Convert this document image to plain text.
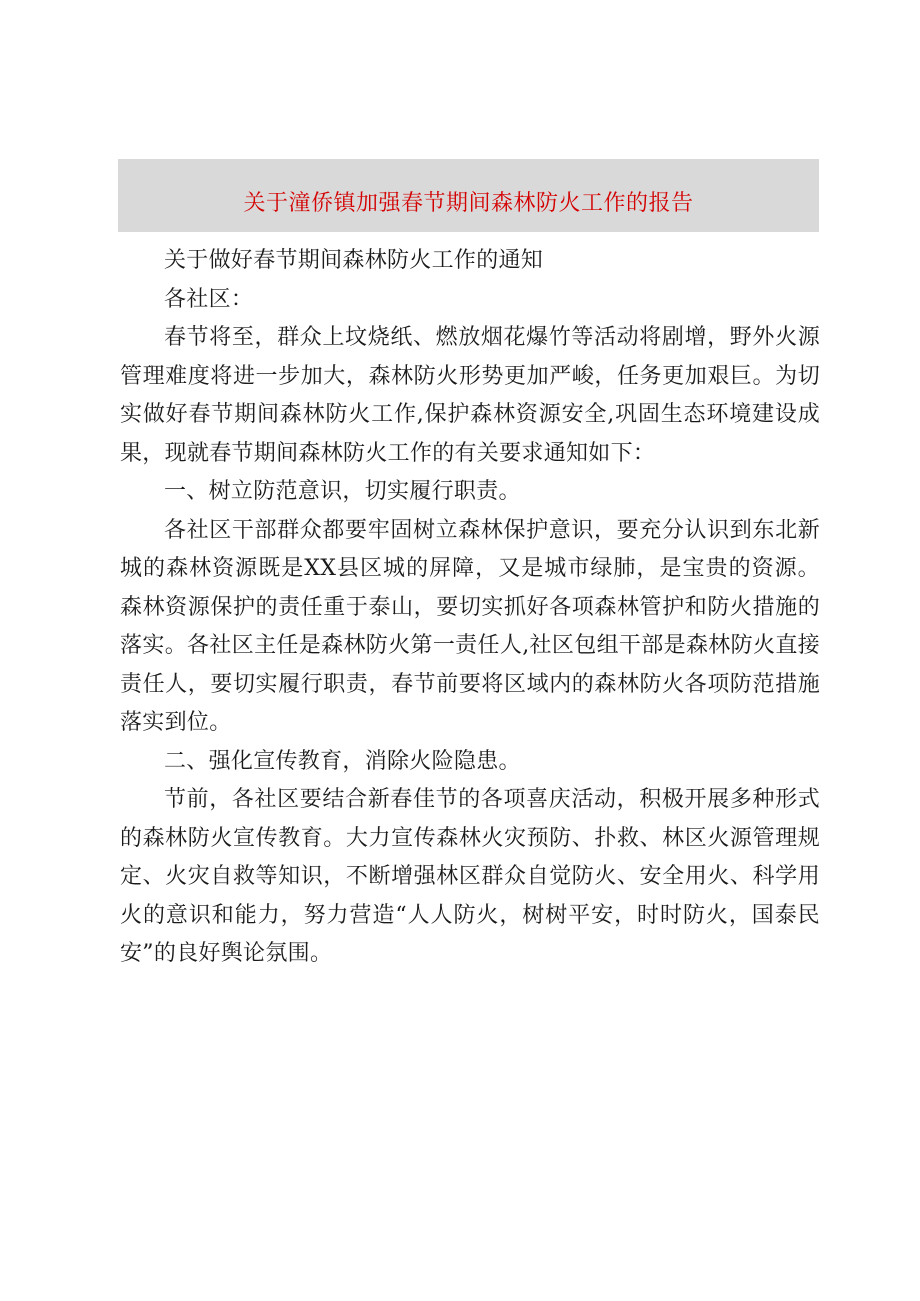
关于潼侨镇加强春节期间森林防火工作的报告

关于做好春节期间森林防火工作的通知

各社区：

春节将至，群众上坟烧纸、燃放烟花爆竹等活动将剧增，野外火源管理难度将进一步加大，森林防火形势更加严峻，任务更加艰巨。为切实做好春节期间森林防火工作,保护森林资源安全,巩固生态环境建设成果，现就春节期间森林防火工作的有关要求通知如下：

一、树立防范意识，切实履行职责。

各社区干部群众都要牢固树立森林保护意识，要充分认识到东北新城的森林资源既是XX县区城的屏障，又是城市绿肺，是宝贵的资源。森林资源保护的责任重于泰山，要切实抓好各项森林管护和防火措施的落实。各社区主任是森林防火第一责任人,社区包组干部是森林防火直接责任人，要切实履行职责，春节前要将区域内的森林防火各项防范措施落实到位。

二、强化宣传教育，消除火险隐患。

节前，各社区要结合新春佳节的各项喜庆活动，积极开展多种形式的森林防火宣传教育。大力宣传森林火灾预防、扑救、林区火源管理规定、火灾自救等知识，不断增强林区群众自觉防火、安全用火、科学用火的意识和能力，努力营造“人人防火，树树平安，时时防火，国泰民安”的良好舆论氛围。
